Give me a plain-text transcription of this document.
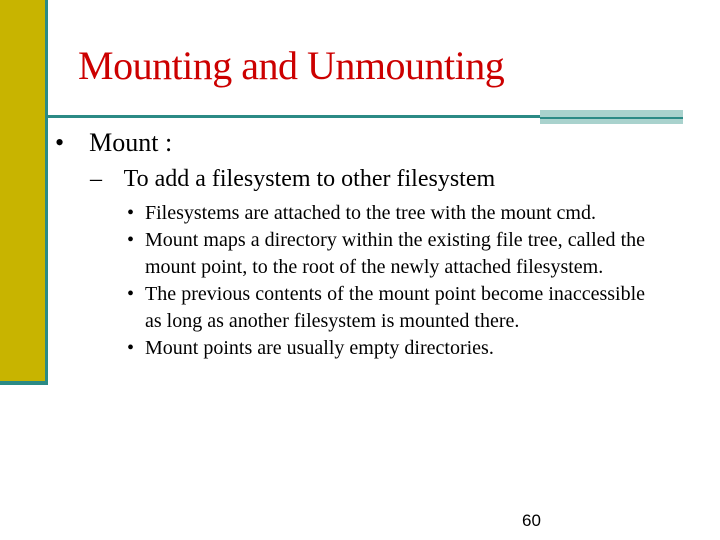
Mounting and Unmounting
• Mount :
– To add a filesystem to other filesystem
• Filesystems are attached to the tree with the mount cmd.
• Mount maps a directory within the existing file tree, called the mount point, to the root of the newly attached filesystem.
• The previous contents of the mount point become inaccessible as long as another filesystem is mounted there.
• Mount points are usually empty directories.
60
